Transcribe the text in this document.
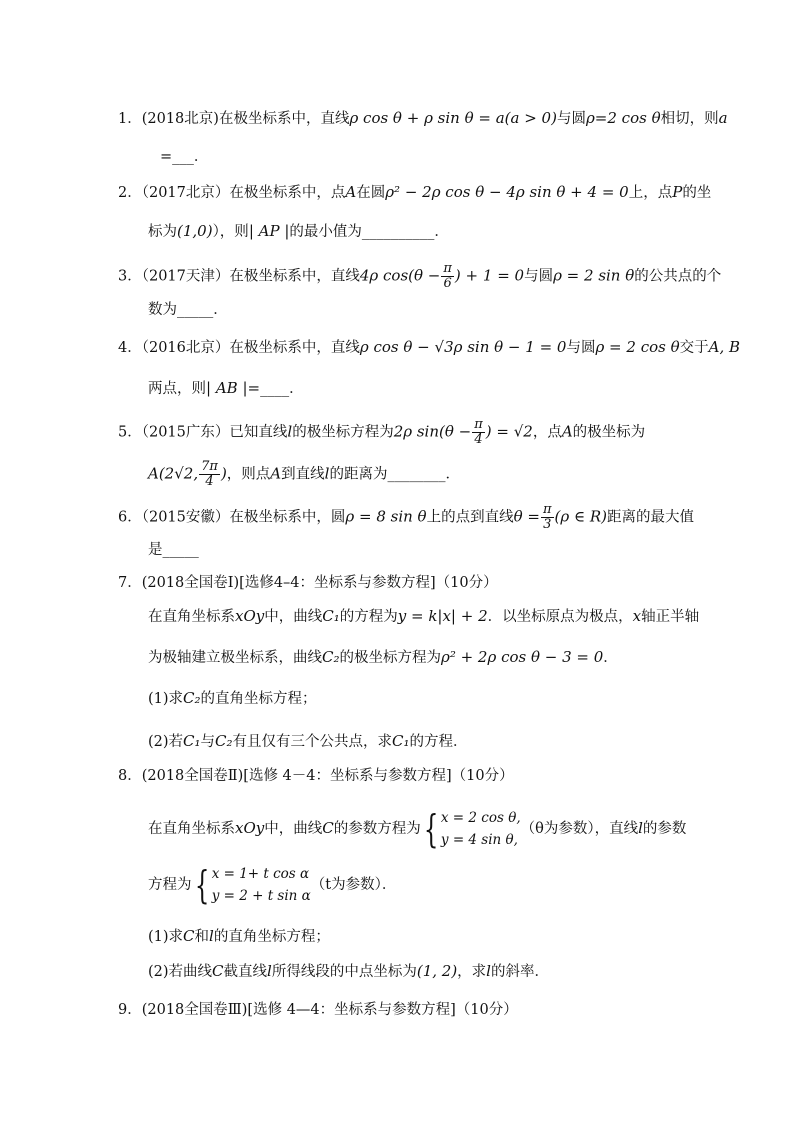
1．(2018北京)在极坐标系中，直线ρ cos θ + ρ sin θ = a(a > 0)与圆ρ=2 cos θ相切，则a
=___．
2．（2017北京）在极坐标系中，点A在圆ρ² − 2ρ cos θ − 4ρ sin θ + 4 = 0上，点P的坐
标为(1,0)），则| AP |的最小值为__________．
3．（2017天津）在极坐标系中，直线4ρ $\cos(\theta - \frac{\pi}{6}$ ) + 1 = 0与圆ρ = 2 sin θ的公共点的个
数为_____．
4．（2016北京）在极坐标系中，直线ρ cos θ − √3ρ sin θ − 1 = 0与圆ρ = 2 cos θ交于A, B
两点，则| AB |=____．
5．（2015广东）已知直线l的极坐标方程为2ρ $\sin(\theta - \frac{\pi}{4}$ ) = √2，点A的极坐标为
A(2√2, $\frac{7\pi}{4}$ )，则点A到直线l的距离为________．
6．（2015安徽）在极坐标系中，圆ρ = 8 sin θ上的点到直线$\theta = \frac{\pi}{3} (\rho$ ∈ R)距离的最大值
是_____
7．(2018全国卷Ⅰ)[选修4–4：坐标系与参数方程]（10分）
在直角坐标系xOy中，曲线C₁的方程为y = k|x| + 2．以坐标原点为极点，x轴正半轴
为极轴建立极坐标系，曲线C₂的极坐标方程为ρ² + 2ρ cos θ − 3 = 0．
(1)求C₂的直角坐标方程；
(2)若C₁与C₂有且仅有三个公共点，求C₁的方程．
8．(2018全国卷Ⅱ)[选修 4－4：坐标系与参数方程]（10分）
在直角坐标系xOy中，曲线C的参数方程为{ x = 2 cos θ,
y = 4 sin θ,
（θ为参数），直线l的参数
方程为{ x = 1+ t cos α
y = 2 + t sin α
（t为参数）．
(1)求C和l的直角坐标方程；
(2)若曲线C截直线l所得线段的中点坐标为(1, 2)，求l的斜率．
9．(2018全国卷Ⅲ)[选修 4—4：坐标系与参数方程]（10分）
